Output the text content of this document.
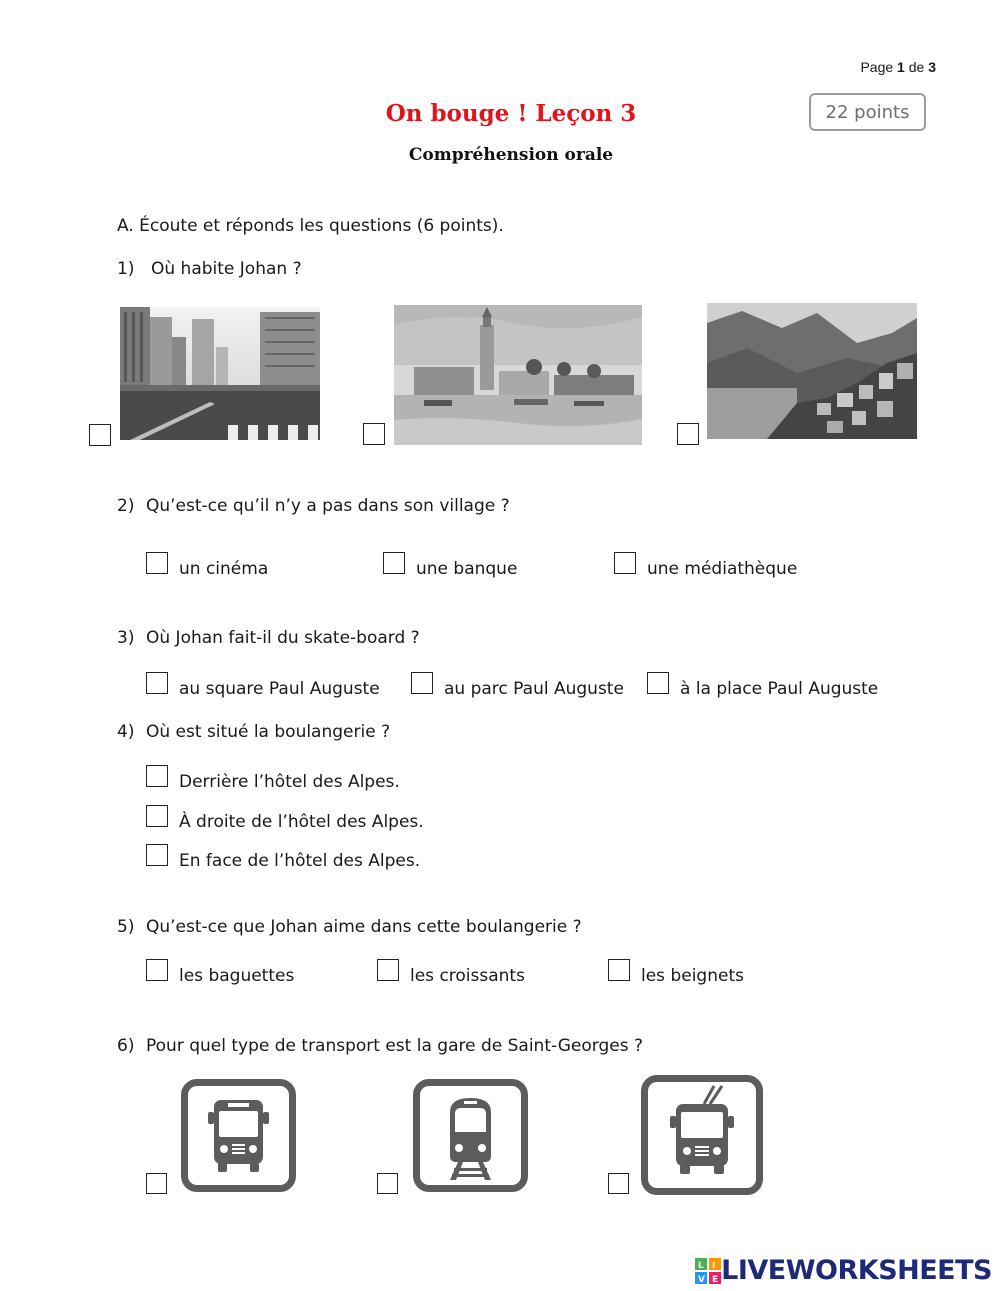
Page 1 de 3
On bouge ! Leçon 3
Compréhension orale
22 points
A. Écoute et réponds les questions (6 points).
1) Où habite Johan ?
2) Qu’est-ce qu’il n’y a pas dans son village ?
un cinéma	une banque	une médiathèque
3) Où Johan fait-il du skate-board ?
au square Paul Auguste	au parc Paul Auguste	à la place Paul Auguste
4) Où est situé la boulangerie ?
Derrière l’hôtel des Alpes.
À droite de l’hôtel des Alpes.
En face de l’hôtel des Alpes.
5) Qu’est-ce que Johan aime dans cette boulangerie ?
les baguettes	les croissants	les beignets
6) Pour quel type de transport est la gare de Saint-Georges ?
L I
V E LIVEWORKSHEETS
